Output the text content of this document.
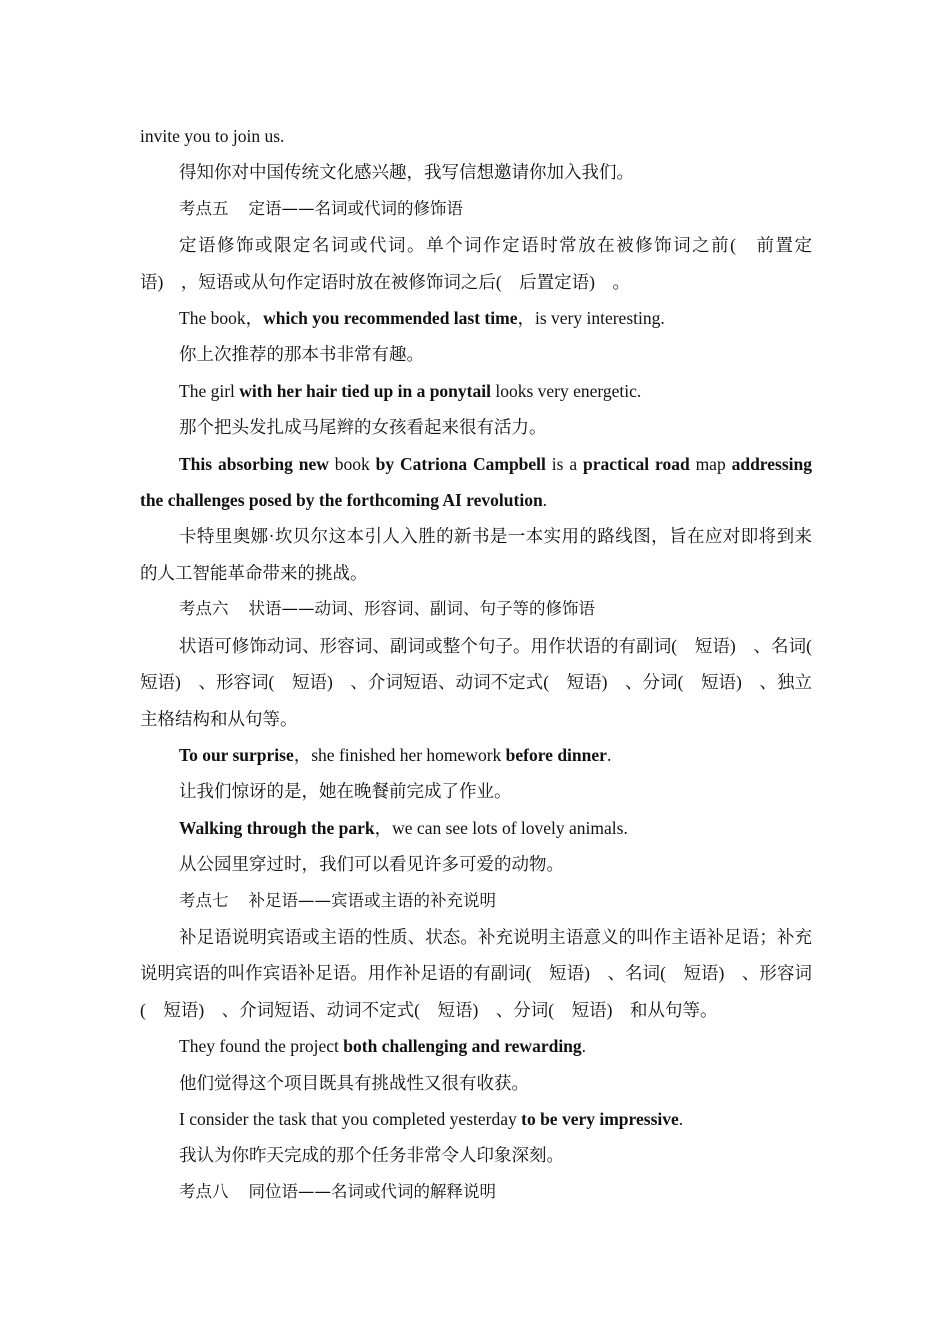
invite you to join us.

得知你对中国传统文化感兴趣，我写信想邀请你加入我们。

考点五 定语——名词或代词的修饰语

定语修饰或限定名词或代词。单个词作定语时常放在被修饰词之前(　前置定语)　，短语或从句作定语时放在被修饰词之后(　后置定语)　。

The book，which you recommended last time，is very interesting.

你上次推荐的那本书非常有趣。

The girl with her hair tied up in a ponytail looks very energetic.

那个把头发扎成马尾辫的女孩看起来很有活力。

This absorbing new book by Catriona Campbell is a practical road map addressing the challenges posed by the forthcoming AI revolution.

卡特里奥娜·坎贝尔这本引人入胜的新书是一本实用的路线图，旨在应对即将到来的人工智能革命带来的挑战。

考点六 状语——动词、形容词、副词、句子等的修饰语

状语可修饰动词、形容词、副词或整个句子。用作状语的有副词(　短语)　、名词(　短语)　、形容词(　短语)　、介词短语、动词不定式(　短语)　、分词(　短语)　、独立主格结构和从句等。

To our surprise，she finished her homework before dinner.

让我们惊讶的是，她在晚餐前完成了作业。

Walking through the park，we can see lots of lovely animals.

从公园里穿过时，我们可以看见许多可爱的动物。

考点七 补足语——宾语或主语的补充说明

补足语说明宾语或主语的性质、状态。补充说明主语意义的叫作主语补足语；补充说明宾语的叫作宾语补足语。用作补足语的有副词(　短语)　、名词(　短语)　、形容词(　短语)　、介词短语、动词不定式(　短语)　、分词(　短语)　和从句等。

They found the project both challenging and rewarding.

他们觉得这个项目既具有挑战性又很有收获。

I consider the task that you completed yesterday to be very impressive.

我认为你昨天完成的那个任务非常令人印象深刻。

考点八 同位语——名词或代词的解释说明
